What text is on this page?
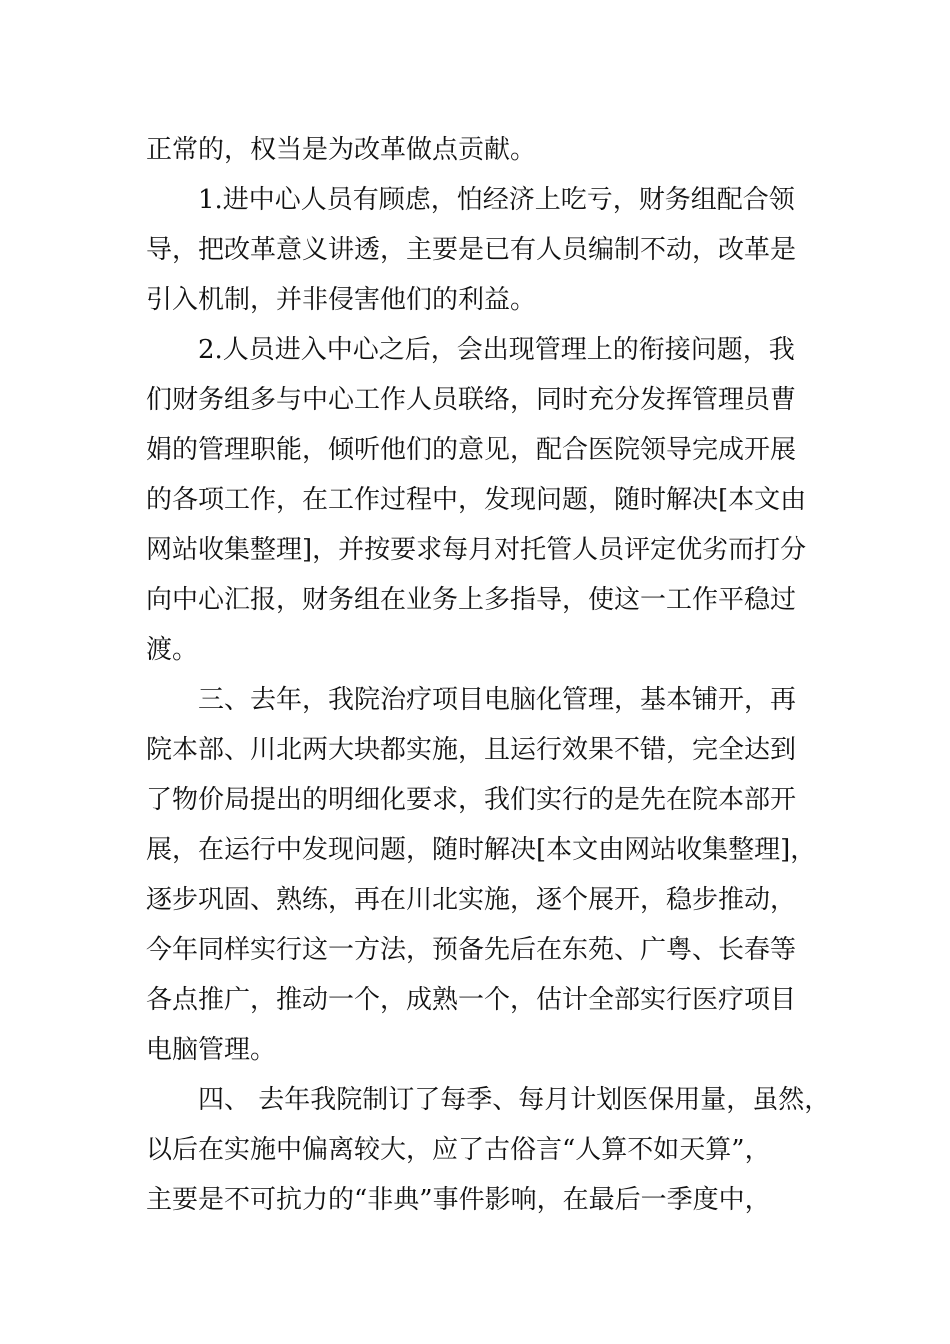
正常的，权当是为改革做点贡献。
1.进中心人员有顾虑，怕经济上吃亏，财务组配合领
导，把改革意义讲透，主要是已有人员编制不动，改革是
引入机制，并非侵害他们的利益。
2.人员进入中心之后，会出现管理上的衔接问题，我
们财务组多与中心工作人员联络，同时充分发挥管理员曹
娟的管理职能，倾听他们的意见，配合医院领导完成开展
的各项工作，在工作过程中，发现问题，随时解决[本文由
网站收集整理]，并按要求每月对托管人员评定优劣而打分
向中心汇报，财务组在业务上多指导，使这一工作平稳过
渡。
三、去年，我院治疗项目电脑化管理，基本铺开，再
院本部、川北两大块都实施，且运行效果不错，完全达到
了物价局提出的明细化要求，我们实行的是先在院本部开
展，在运行中发现问题，随时解决[本文由网站收集整理]，
逐步巩固、熟练，再在川北实施，逐个展开，稳步推动，
今年同样实行这一方法，预备先后在东苑、广粤、长春等
各点推广，推动一个，成熟一个，估计全部实行医疗项目
电脑管理。
四、 去年我院制订了每季、每月计划医保用量，虽然，
以后在实施中偏离较大，应了古俗言“人算不如天算”，
主要是不可抗力的“非典”事件影响，在最后一季度中，
